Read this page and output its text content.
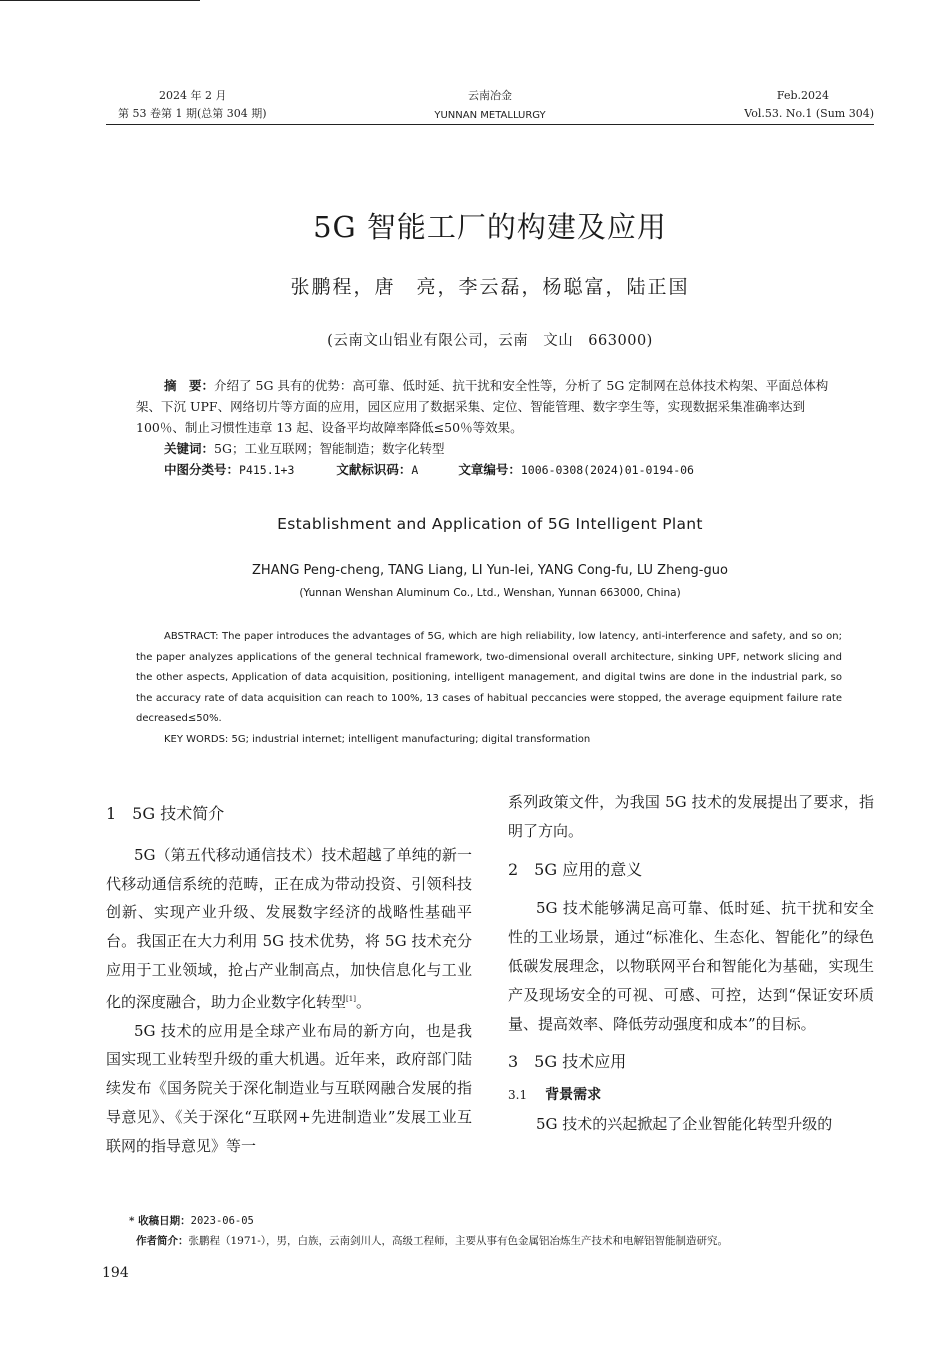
2024 年 2 月
第 53 卷第 1 期(总第 304 期)
云南冶金
YUNNAN METALLURGY
Feb.2024
Vol.53. No.1 (Sum 304)
5G 智能工厂的构建及应用
张鹏程，唐　亮，李云磊，杨聪富，陆正国
(云南文山铝业有限公司，云南　文山　663000)

摘　要：介绍了 5G 具有的优势：高可靠、低时延、抗干扰和安全性等，分析了 5G 定制网在总体技术构架、平面总体构架、下沉 UPF、网络切片等方面的应用，园区应用了数据采集、定位、智能管理、数字孪生等，实现数据采集准确率达到 100％、制止习惯性违章 13 起、设备平均故障率降低≤50％等效果。

关键词：5G；工业互联网；智能制造；数字化转型

中图分类号：P415.1+3	文献标识码：A	文章编号：1006-0308(2024)01-0194-06

Establishment and Application of 5G Intelligent Plant
ZHANG Peng-cheng, TANG Liang, LI Yun-lei, YANG Cong-fu, LU Zheng-guo
(Yunnan Wenshan Aluminum Co., Ltd., Wenshan, Yunnan 663000, China)

ABSTRACT: The paper introduces the advantages of 5G, which are high reliability, low latency, anti-interference and safety, and so on; the paper analyzes applications of the general technical framework, two-dimensional overall architecture, sinking UPF, network slicing and the other aspects, Application of data acquisition, positioning, intelligent management, and digital twins are done in the industrial park, so the accuracy rate of data acquisition can reach to 100%, 13 cases of habitual peccancies were stopped, the average equipment failure rate decreased≤50%.

KEY WORDS: 5G; industrial internet; intelligent manufacturing; digital transformation

1　5G 技术简介

5G（第五代移动通信技术）技术超越了单纯的新一代移动通信系统的范畴，正在成为带动投资、引领科技创新、实现产业升级、发展数字经济的战略性基础平台。我国正在大力利用 5G 技术优势，将 5G 技术充分应用于工业领域，抢占产业制高点，加快信息化与工业化的深度融合，助力企业数字化转型[1]。

5G 技术的应用是全球产业布局的新方向，也是我国实现工业转型升级的重大机遇。近年来，政府部门陆续发布《国务院关于深化制造业与互联网融合发展的指导意见》、《关于深化“互联网+先进制造业”发展工业互联网的指导意见》等一

系列政策文件，为我国 5G 技术的发展提出了要求，指明了方向。

2　5G 应用的意义

5G 技术能够满足高可靠、低时延、抗干扰和安全性的工业场景，通过“标准化、生态化、智能化”的绿色低碳发展理念，以物联网平台和智能化为基础，实现生产及现场安全的可视、可感、可控，达到“保证安环质量、提高效率、降低劳动强度和成本”的目标。

3　5G 技术应用

3.1 背景需求

5G 技术的兴起掀起了企业智能化转型升级的

* 收稿日期：2023-06-05
作者简介：张鹏程（1971-），男，白族，云南剑川人，高级工程师，主要从事有色金属铝冶炼生产技术和电解铝智能制造研究。
194
